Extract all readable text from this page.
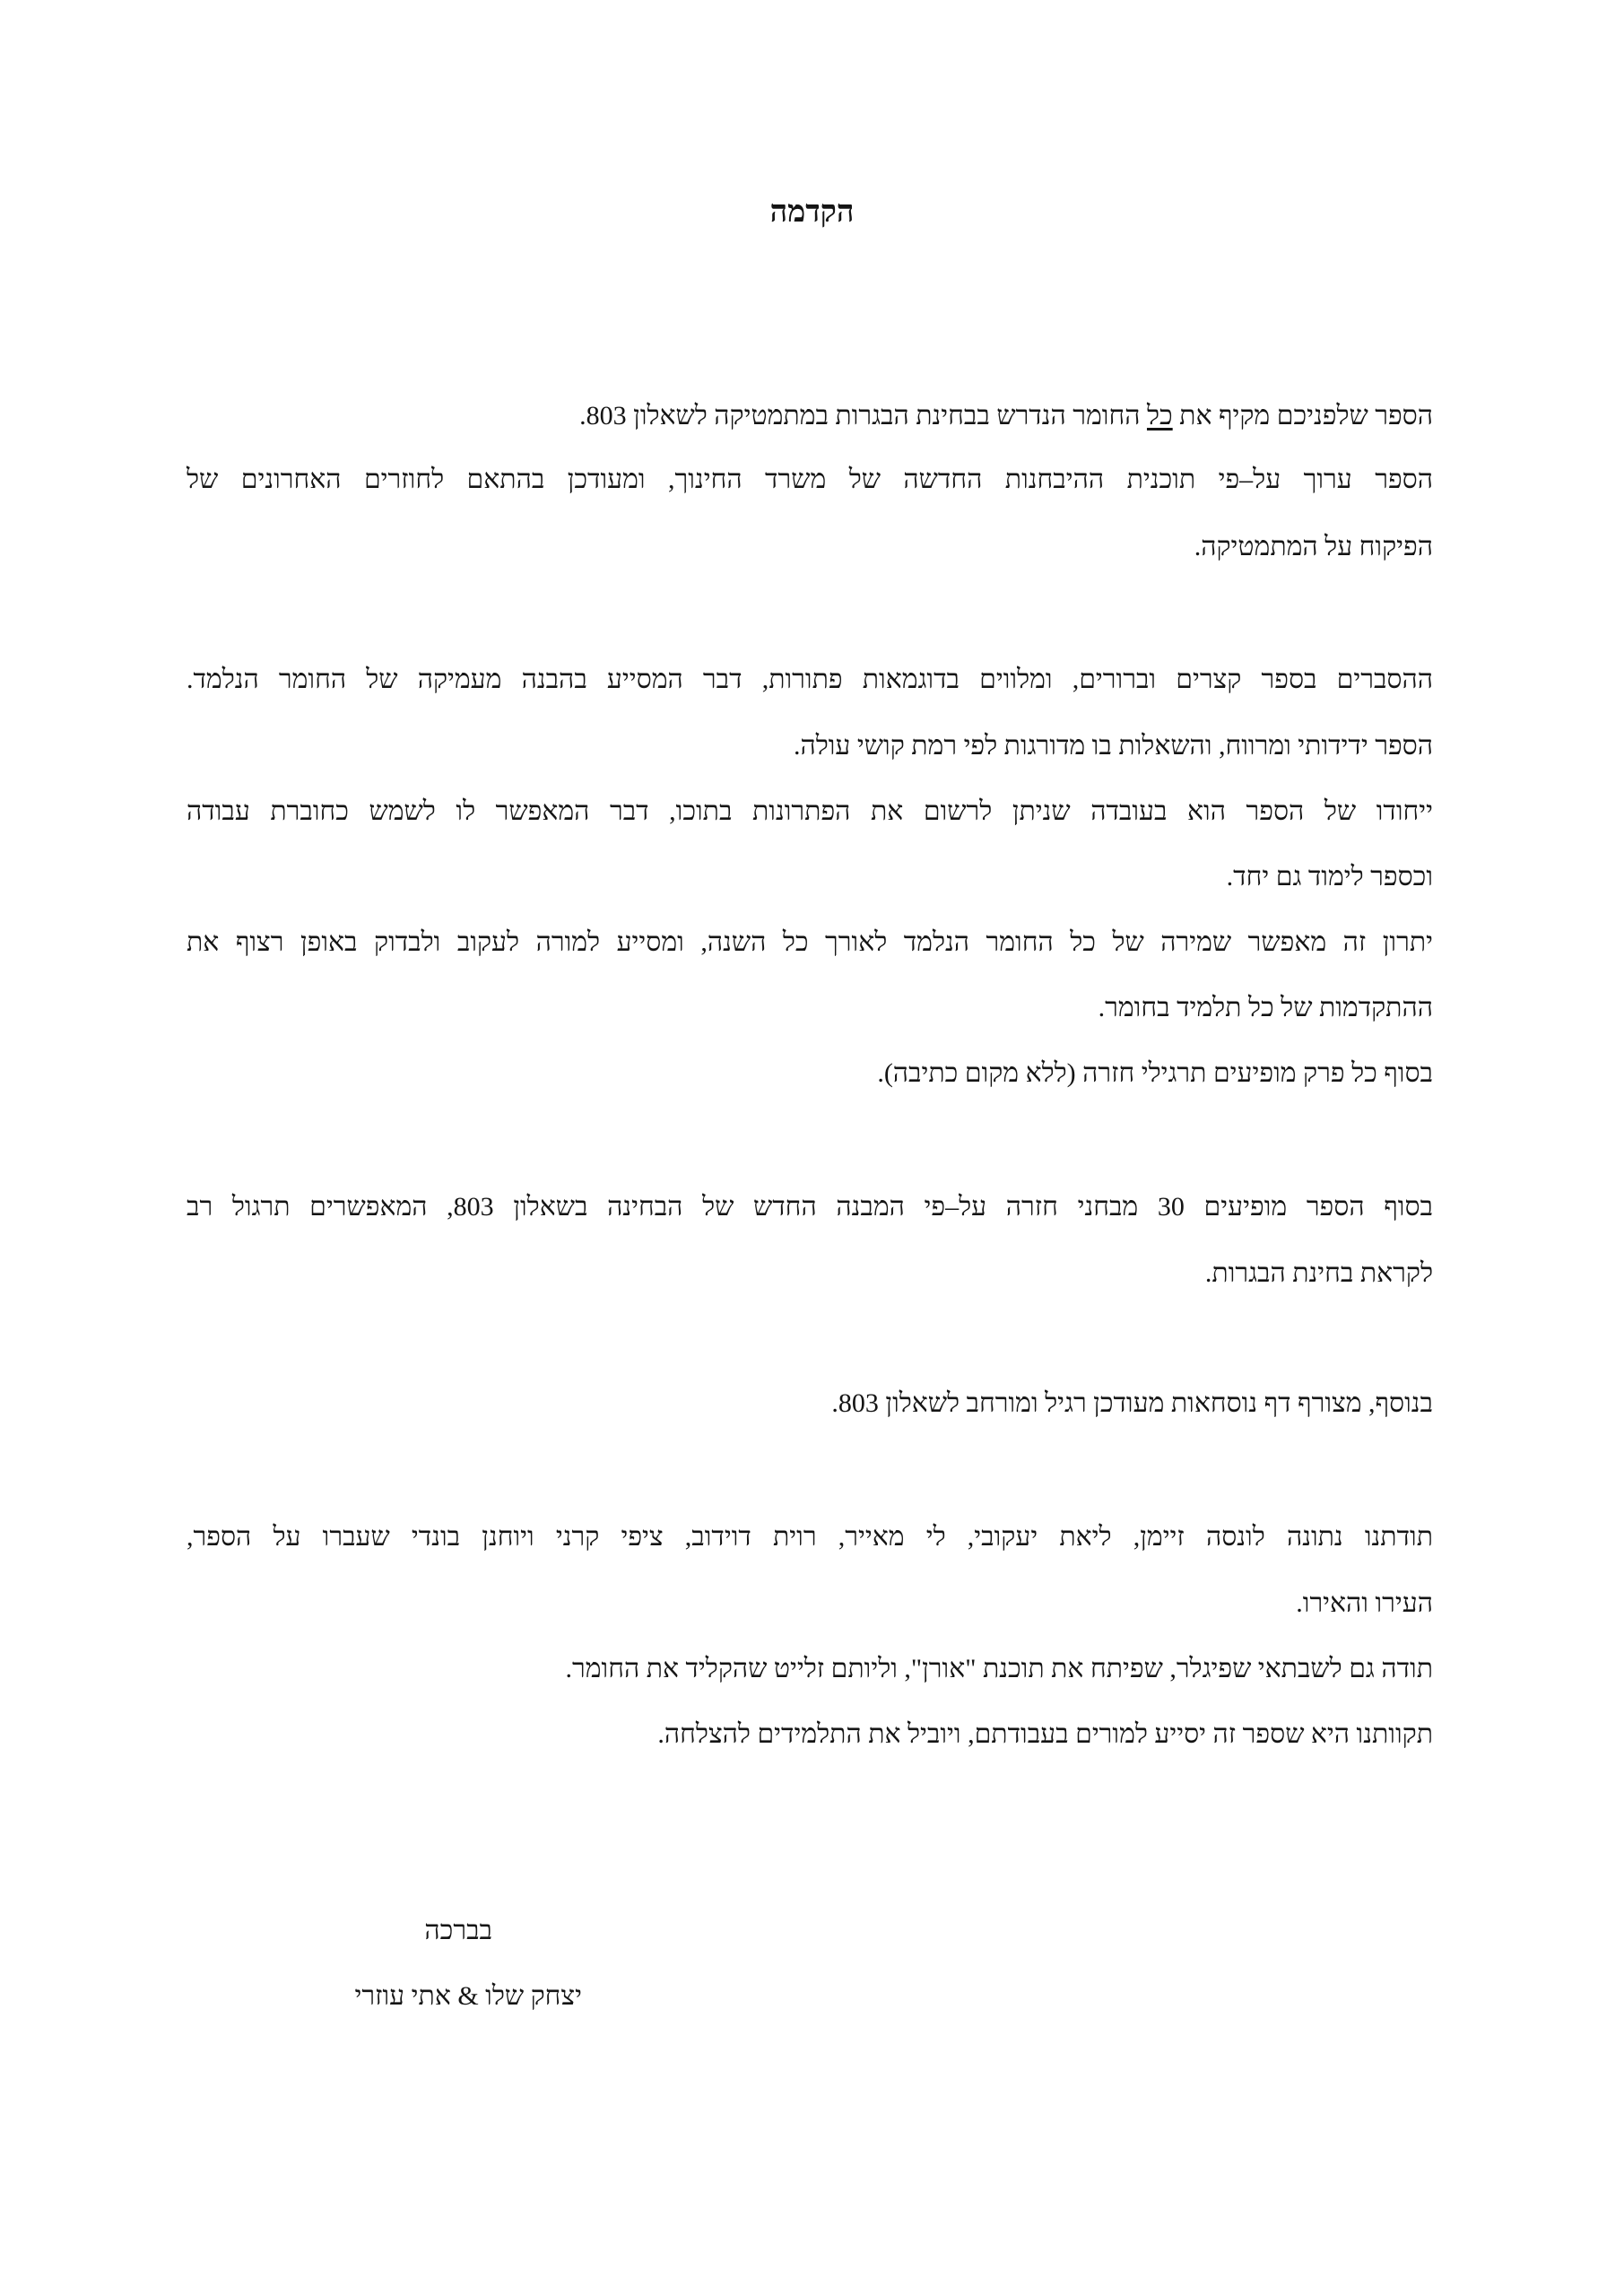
הקדמה

הספר שלפניכם מקיף את כל החומר הנדרש בבחינת הבגרות במתמטיקה לשאלון 803.

הספר ערוך על–פי תוכנית ההיבחנות החדשה של משרד החינוך, ומעודכן בהתאם לחוזרים האחרונים של

הפיקוח על המתמטיקה.

ההסברים בספר קצרים וברורים, ומלווים בדוגמאות פתורות, דבר המסייע בהבנה מעמיקה של החומר הנלמד.

הספר ידידותי ומרווח, והשאלות בו מדורגות לפי רמת קושי עולה.

ייחודו של הספר הוא בעובדה שניתן לרשום את הפתרונות בתוכו, דבר המאפשר לו לשמש כחוברת עבודה

וכספר לימוד גם יחד.

יתרון זה מאפשר שמירה של כל החומר הנלמד לאורך כל השנה, ומסייע למורה לעקוב ולבדוק באופן רצוף את

ההתקדמות של כל תלמיד בחומר.

בסוף כל פרק מופיעים תרגילי חזרה (ללא מקום כתיבה).

בסוף הספר מופיעים 30 מבחני חזרה על–פי המבנה החדש של הבחינה בשאלון 803, המאפשרים תרגול רב

לקראת בחינת הבגרות.

בנוסף, מצורף דף נוסחאות מעודכן רגיל ומורחב לשאלון 803.

תודתנו נתונה לונסה זיימן, ליאת יעקובי, לי מאייר, רוית דוידוב, ציפי קרני ויוחנן בונדי שעברו על הספר,

העירו והאירו.

תודה גם לשבתאי שפיגלר, שפיתח את תוכנת "אורן", וליותם זלייט שהקליד את החומר.

תקוותנו היא שספר זה יסייע למורים בעבודתם, ויוביל את התלמידים להצלחה.

בברכה

יצחק שלו & אתי עוזרי
